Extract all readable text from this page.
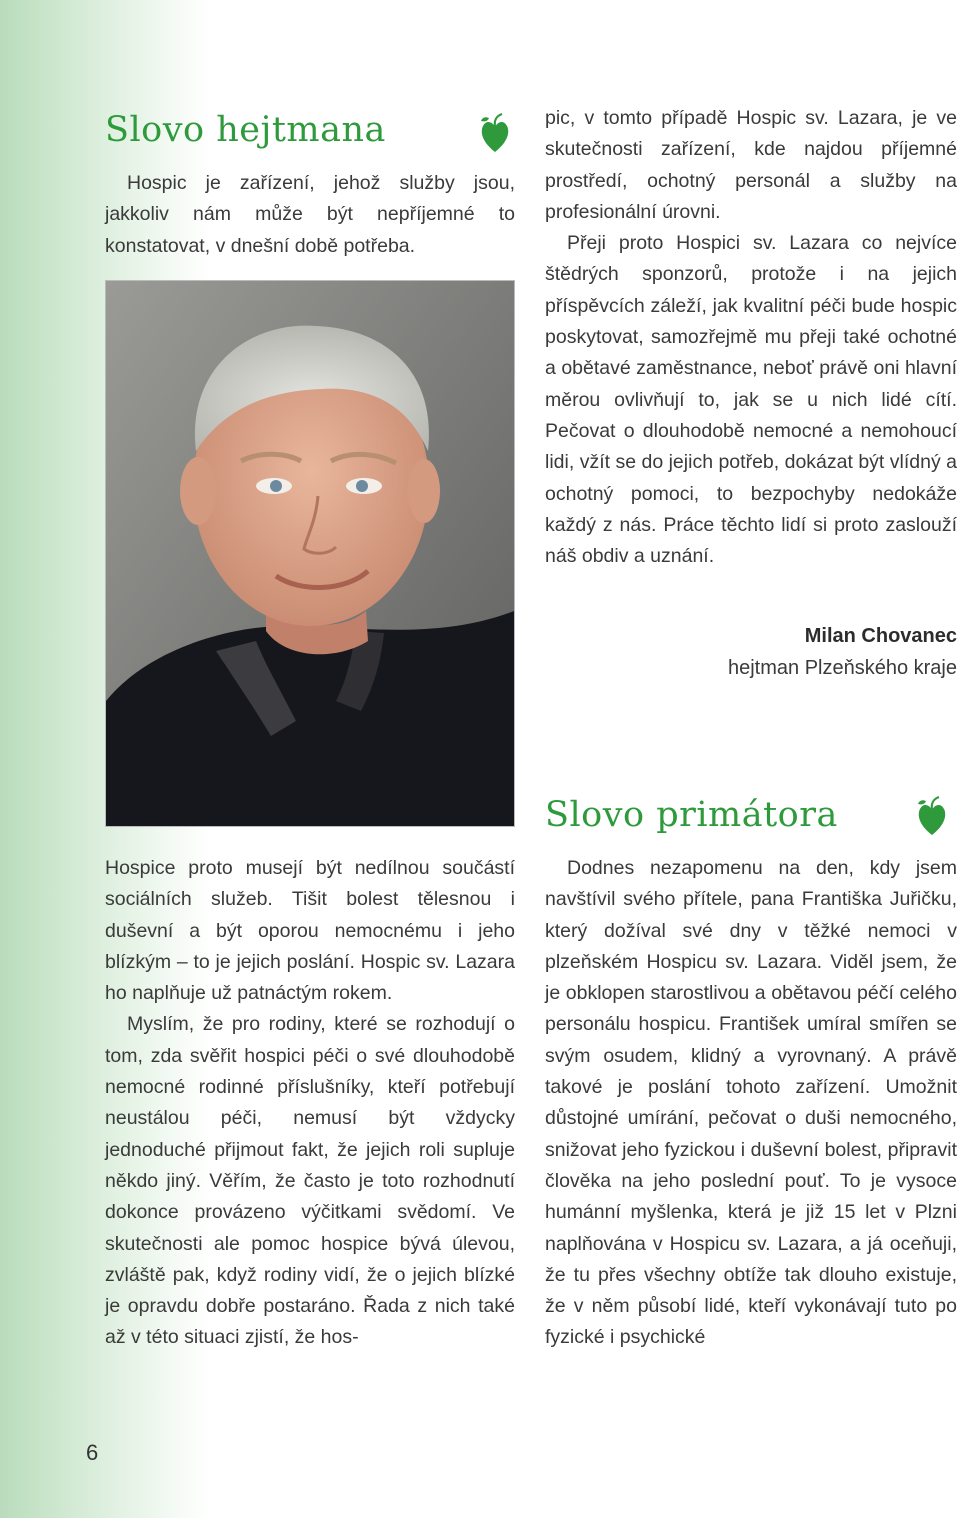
Slovo hejtmana

Hospic je zařízení, jehož služby jsou, jakkoliv nám může být nepříjemné to konstatovat, v dnešní době potřeba.

Hospice proto musejí být nedílnou součástí sociálních služeb. Tišit bolest tělesnou i duševní a být oporou nemocnému i jeho blízkým – to je jejich poslání. Hospic sv. Lazara ho naplňuje už patnáctým rokem.

Myslím, že pro rodiny, které se rozhodují o tom, zda svěřit hospici péči o své dlouhodobě nemocné rodinné příslušníky, kteří potřebují neustálou péči, nemusí být vždycky jednoduché přijmout fakt, že jejich roli supluje někdo jiný. Věřím, že často je toto rozhodnutí dokonce provázeno výčitkami svědomí. Ve skutečnosti ale pomoc hospice bývá úlevou, zvláště pak, když rodiny vidí, že o jejich blízké je opravdu dobře postaráno. Řada z nich také až v této situaci zjistí, že hos-

pic, v tomto případě Hospic sv. Lazara, je ve skutečnosti zařízení, kde najdou příjemné prostředí, ochotný personál a služby na profesionální úrovni.

Přeji proto Hospici sv. Lazara co nejvíce štědrých sponzorů, protože i na jejich příspěvcích záleží, jak kvalitní péči bude hospic poskytovat, samozřejmě mu přeji také ochotné a obětavé zaměstnance, neboť právě oni hlavní měrou ovlivňují to, jak se u nich lidé cítí. Pečovat o dlouhodobě nemocné a nemohoucí lidi, vžít se do jejich potřeb, dokázat být vlídný a ochotný pomoci, to bezpochyby nedokáže každý z nás. Práce těchto lidí si proto zaslouží náš obdiv a uznání.

Milan Chovanec
hejtman Plzeňského kraje
Slovo primátora

Dodnes nezapomenu na den, kdy jsem navštívil svého přítele, pana Františka Juřičku, který dožíval své dny v těžké nemoci v plzeňském Hospicu sv. Lazara. Viděl jsem, že je obklopen starostlivou a obětavou péčí celého personálu hospicu. František umíral smířen se svým osudem, klidný a vyrovnaný. A právě takové je poslání tohoto zařízení. Umožnit důstojné umírání, pečovat o duši nemocného, snižovat jeho fyzickou i duševní bolest, připravit člověka na jeho poslední pouť. To je vysoce humánní myšlenka, která je již 15 let v Plzni naplňována v Hospicu sv. Lazara, a já oceňuji, že tu přes všechny obtíže tak dlouho existuje, že v něm působí lidé, kteří vykonávají tuto po fyzické i psychické

6
